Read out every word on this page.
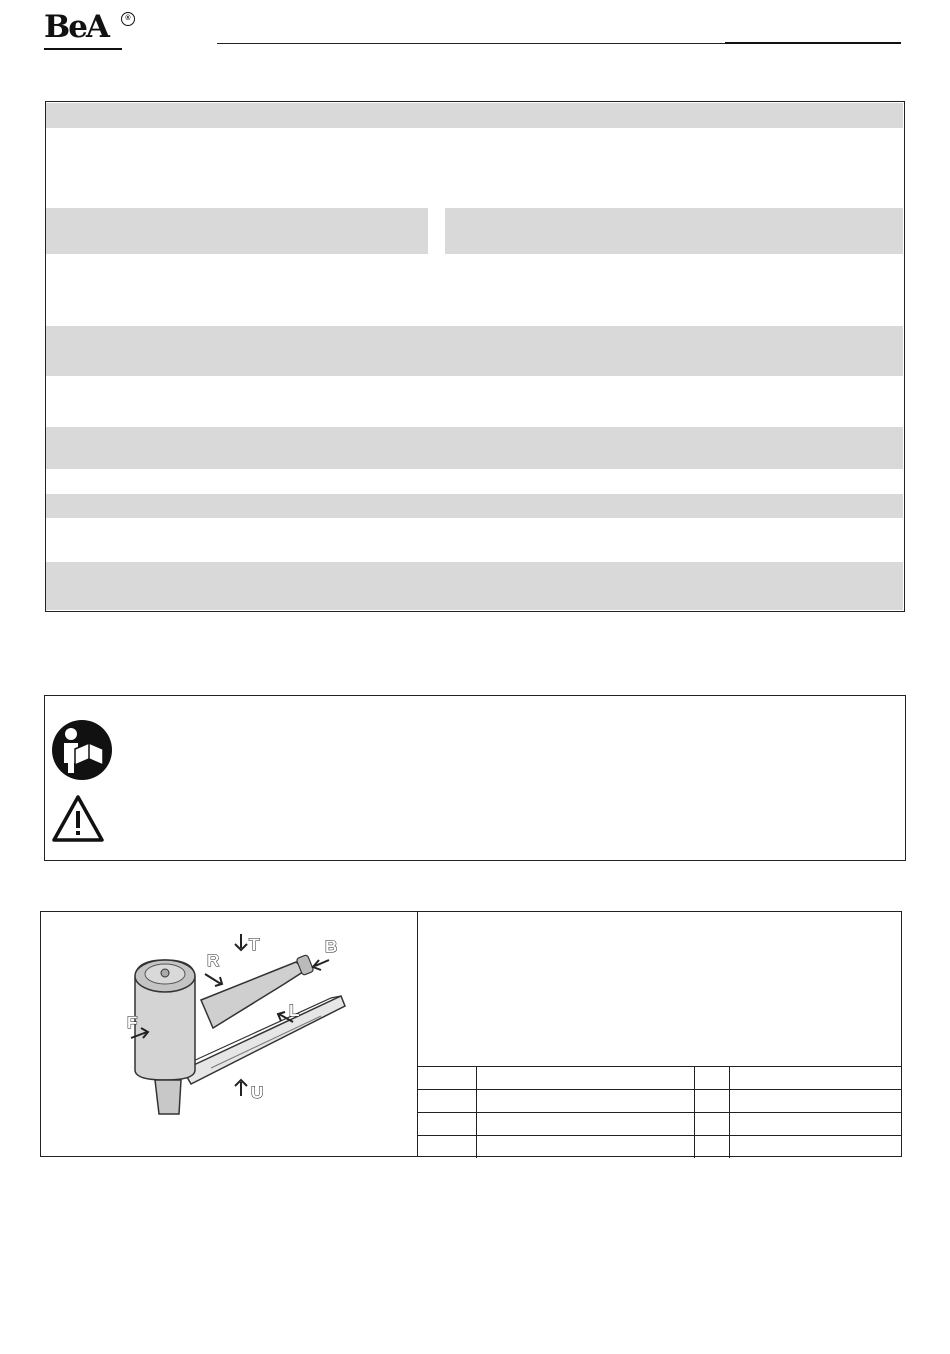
BeA	®
T	B
R
F
L
U
